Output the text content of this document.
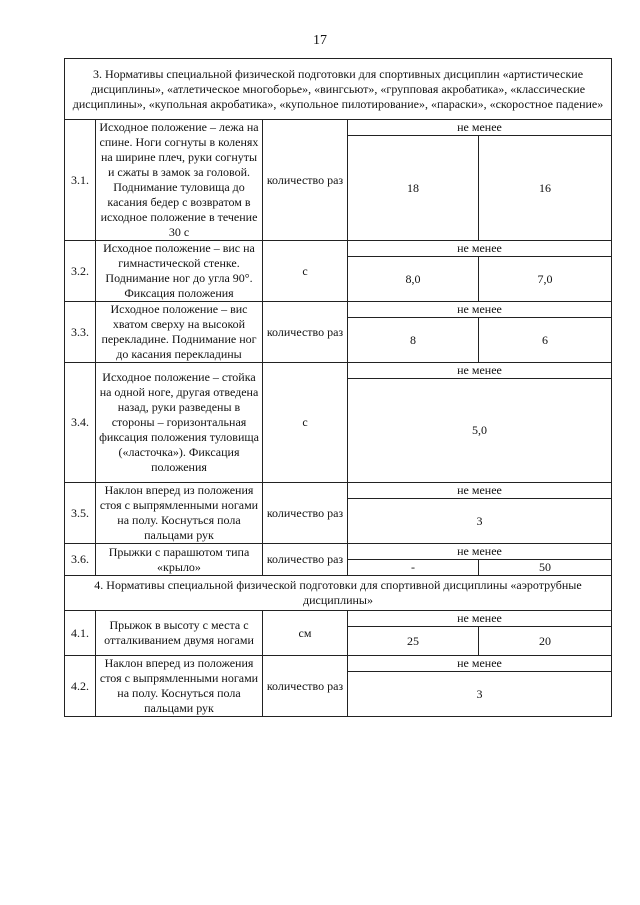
17
3. Нормативы специальной физической подготовки для спортивных дисциплин «артистические дисциплины», «атлетическое многоборье», «вингсьют», «групповая акробатика», «классические дисциплины», «купольная акробатика», «купольное пилотирование», «параски», «скоростное падение»				
3.1.	Исходное положение – лежа на спине. Ноги согнуты в коленях на ширине плеч, руки согнуты и сжаты в замок за головой. Поднимание туловища до касания бедер с возвратом в исходное положение в течение 30 с	количество раз	не менее	
			18	16
3.2.	Исходное положение – вис на гимнастической стенке. Поднимание ног до угла 90°. Фиксация положения	с	не менее	
			8,0	7,0
3.3.	Исходное положение – вис хватом сверху на высокой перекладине. Поднимание ног до касания перекладины	количество раз	не менее	
			8	6
3.4.	Исходное положение – стойка на одной ноге, другая отведена назад, руки разведены в стороны – горизонтальная фиксация положения туловища («ласточка»). Фиксация положения	с	не менее	
			5,0	
3.5.	Наклон вперед из положения стоя с выпрямленными ногами на полу. Коснуться пола пальцами рук	количество раз	не менее	
			3	
3.6.	Прыжки с парашютом типа «крыло»	количество раз	не менее	
			-	50
4. Нормативы специальной физической подготовки для спортивной дисциплины «аэротрубные дисциплины»				
4.1.	Прыжок в высоту с места с отталкиванием двумя ногами	см	не менее	
			25	20
4.2.	Наклон вперед из положения стоя с выпрямленными ногами на полу. Коснуться пола пальцами рук	количество раз	не менее	
			3	
